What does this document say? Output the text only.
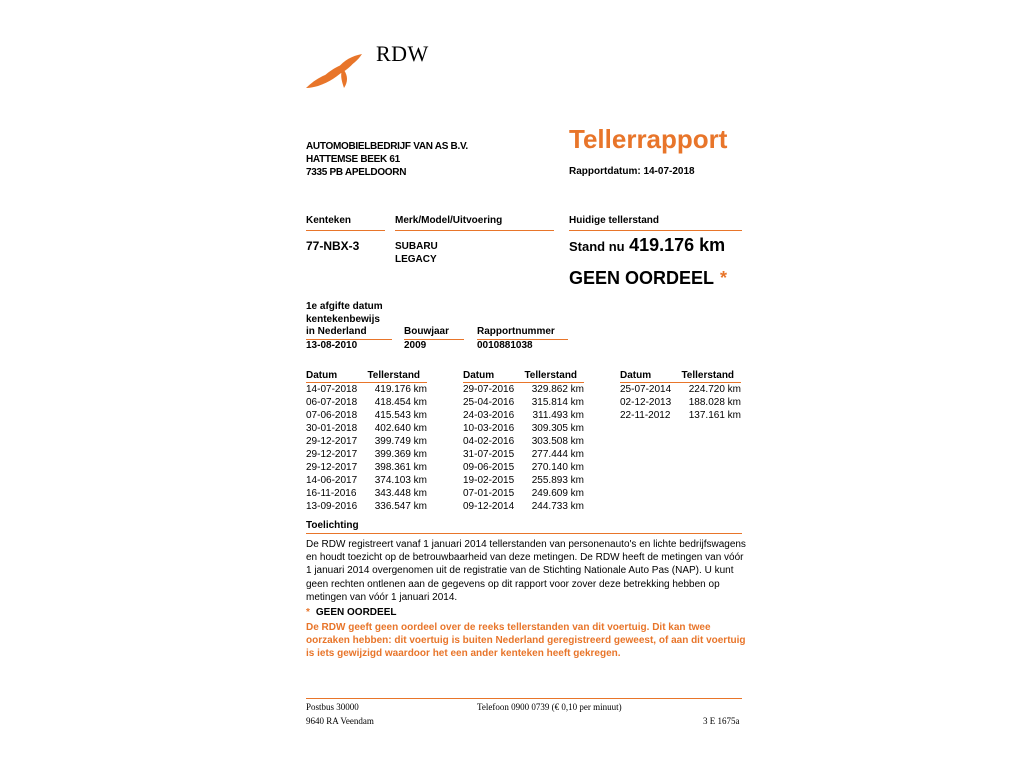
RDW
AUTOMOBIELBEDRIJF VAN AS B.V.
HATTEMSE BEEK 61
7335 PB APELDOORN
Tellerrapport
Rapportdatum: 14-07-2018
Kenteken
77-NBX-3
Merk/Model/Uitvoering
SUBARU
LEGACY
Huidige tellerstand
Stand nu 419.176 km
GEEN OORDEEL *
1e afgifte datum
kentekenbewijs
in Nederland
13-08-2010
Bouwjaar
2009
Rapportnummer
0010881038
Datum	Tellerstand
14-07-2018	419.176 km
06-07-2018	418.454 km
07-06-2018	415.543 km
30-01-2018	402.640 km
29-12-2017	399.749 km
29-12-2017	399.369 km
29-12-2017	398.361 km
14-06-2017	374.103 km
16-11-2016	343.448 km
13-09-2016	336.547 km
Datum	Tellerstand
29-07-2016	329.862 km
25-04-2016	315.814 km
24-03-2016	311.493 km
10-03-2016	309.305 km
04-02-2016	303.508 km
31-07-2015	277.444 km
09-06-2015	270.140 km
19-02-2015	255.893 km
07-01-2015	249.609 km
09-12-2014	244.733 km
Datum	Tellerstand
25-07-2014	224.720 km
02-12-2013	188.028 km
22-11-2012	137.161 km
Toelichting
De RDW registreert vanaf 1 januari 2014 tellerstanden van personenauto's en lichte bedrijfswagens en houdt toezicht op de betrouwbaarheid van deze metingen. De RDW heeft de metingen van vóór 1 januari 2014 overgenomen uit de registratie van de Stichting Nationale Auto Pas (NAP). U kunt geen rechten ontlenen aan de gegevens op dit rapport voor zover deze betrekking hebben op metingen van vóór 1 januari 2014.
* GEEN OORDEEL
De RDW geeft geen oordeel over de reeks tellerstanden van dit voertuig. Dit kan twee oorzaken hebben: dit voertuig is buiten Nederland geregistreerd geweest, of aan dit voertuig is iets gewijzigd waardoor het een ander kenteken heeft gekregen.
Postbus 30000
9640 RA Veendam
Telefoon 0900 0739 (€ 0,10 per minuut)
3 E 1675a
